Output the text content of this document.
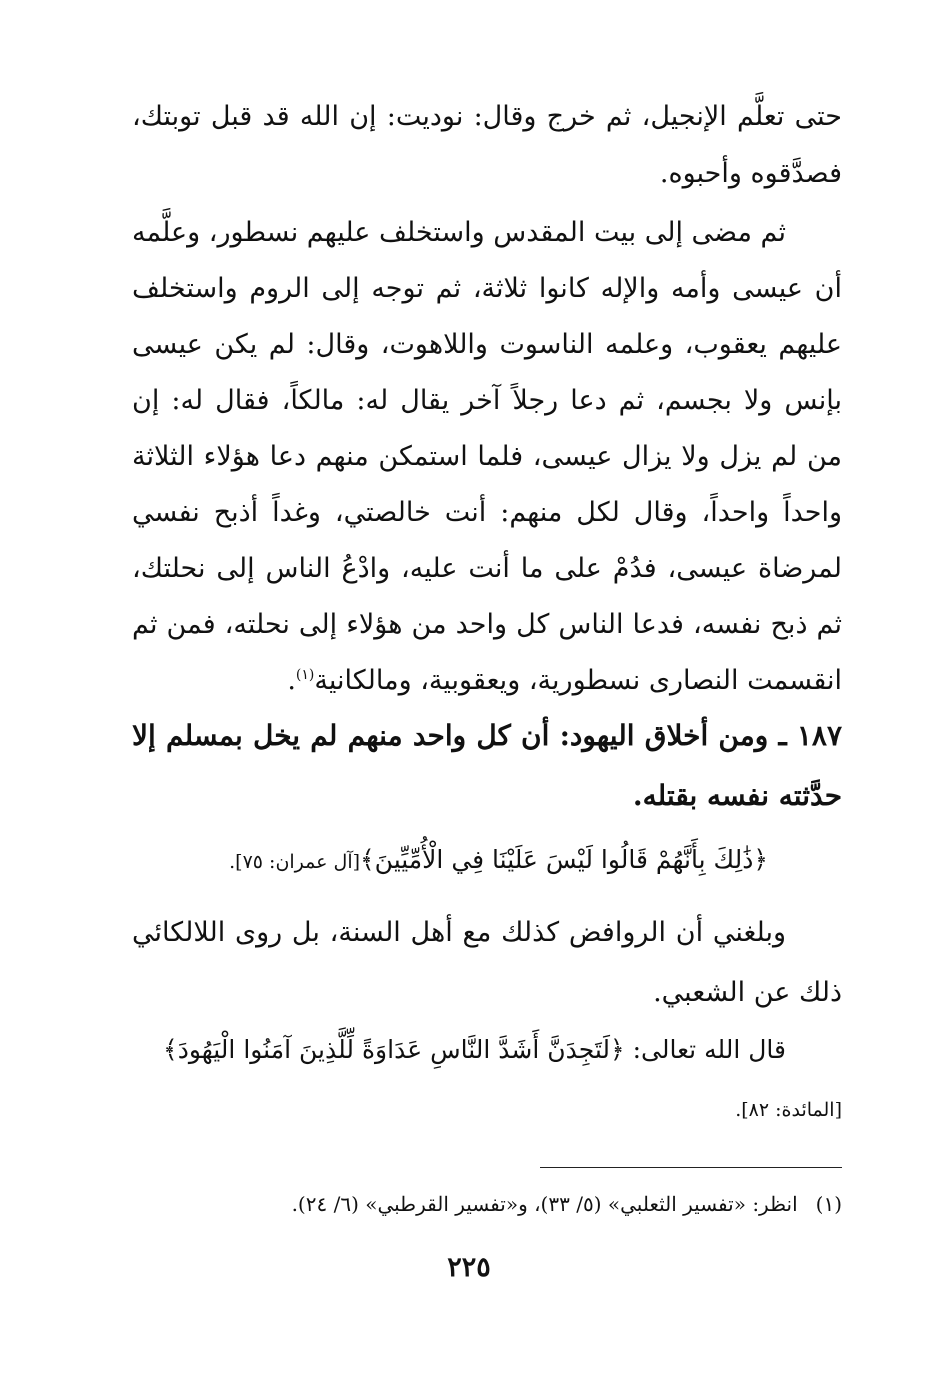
حتى تعلَّم الإنجيل، ثم خرج وقال: نوديت: إن الله قد قبل توبتك، فصدَّقوه وأحبوه.
ثم مضى إلى بيت المقدس واستخلف عليهم نسطور، وعلَّمه أن عيسى وأمه والإله كانوا ثلاثة، ثم توجه إلى الروم واستخلف عليهم يعقوب، وعلمه الناسوت واللاهوت، وقال: لم يكن عيسى بإنس ولا بجسم، ثم دعا رجلاً آخر يقال له: مالكاً، فقال له: إن من لم يزل ولا يزال عيسى، فلما استمكن منهم دعا هؤلاء الثلاثة واحداً واحداً، وقال لكل منهم: أنت خالصتي، وغداً أذبح نفسي لمرضاة عيسى، فدُمْ على ما أنت عليه، وادْعُ الناس إلى نحلتك، ثم ذبح نفسه، فدعا الناس كل واحد من هؤلاء إلى نحلته، فمن ثم انقسمت النصارى نسطورية، ويعقوبية، ومالكانية$^{(١)}$.
١٨٧ ـ ومن أخلاق اليهود: أن كل واحد منهم لم يخل بمسلم إلا حدَّثته نفسه بقتله.
﴿ذَٰلِكَ بِأَنَّهُمْ قَالُوا لَيْسَ عَلَيْنَا فِي الْأُمِّيِّينَ﴾[آل عمران: ٧٥].
وبلغني أن الروافض كذلك مع أهل السنة، بل روى اللالكائي ذلك عن الشعبي.
قال الله تعالى: ﴿لَتَجِدَنَّ أَشَدَّ النَّاسِ عَدَاوَةً لِّلَّذِينَ آمَنُوا الْيَهُودَ﴾
[المائدة: ٨٢].
(١)انظر: «تفسير الثعلبي» (٥/ ٣٣)، و«تفسير القرطبي» (٦/ ٢٤).
٢٢٥
